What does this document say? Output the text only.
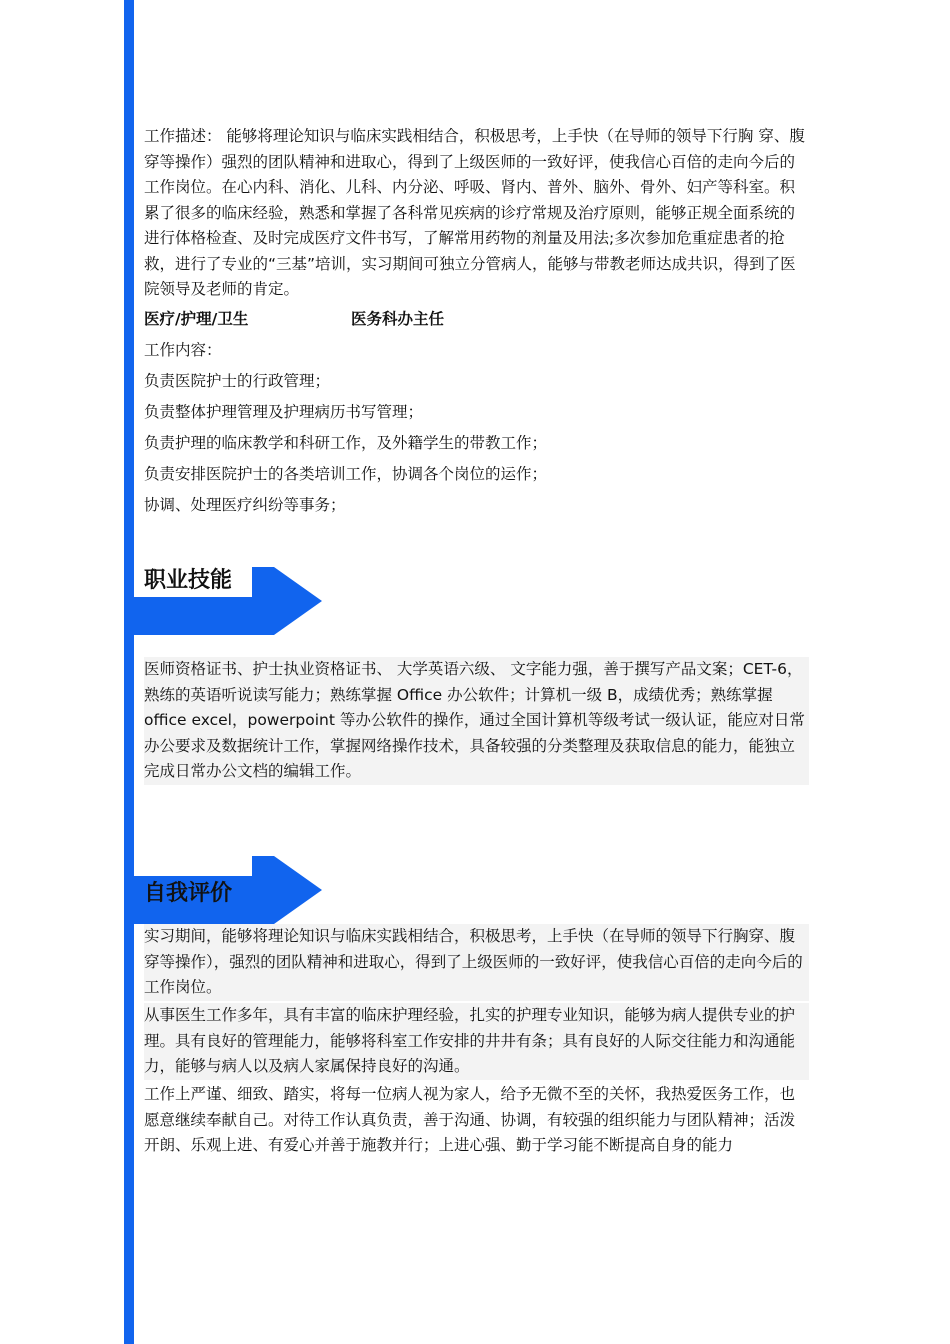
工作描述： 能够将理论知识与临床实践相结合，积极思考，上手快（在导师的领导下行胸 穿、腹穿等操作）强烈的团队精神和进取心，得到了上级医师的一致好评，使我信心百倍的走向今后的工作岗位。在心内科、消化、儿科、内分泌、呼吸、肾内、普外、脑外、骨外、妇产等科室。积累了很多的临床经验，熟悉和掌握了各科常见疾病的诊疗常规及治疗原则，能够正规全面系统的进行体格检查、及时完成医疗文件书写，了解常用药物的剂量及用法;多次参加危重症患者的抢救，进行了专业的“三基”培训，实习期间可独立分管病人，能够与带教老师达成共识，得到了医院领导及老师的肯定。

医疗/护理/卫生	医务科办主任
工作内容：
负责医院护士的行政管理；
负责整体护理管理及护理病历书写管理；
负责护理的临床教学和科研工作，及外籍学生的带教工作；
负责安排医院护士的各类培训工作，协调各个岗位的运作；
协调、处理医疗纠纷等事务；
职业技能

医师资格证书、护士执业资格证书、 大学英语六级、 文字能力强，善于撰写产品文案；CET-6，熟练的英语听说读写能力；熟练掌握 Office 办公软件；计算机一级 B，成绩优秀；熟练掌握 office excel，powerpoint 等办公软件的操作，通过全国计算机等级考试一级认证，能应对日常办公要求及数据统计工作，掌握网络操作技术，具备较强的分类整理及获取信息的能力，能独立完成日常办公文档的编辑工作。

自我评价

实习期间，能够将理论知识与临床实践相结合，积极思考，上手快（在导师的领导下行胸穿、腹穿等操作），强烈的团队精神和进取心，得到了上级医师的一致好评，使我信心百倍的走向今后的工作岗位。

从事医生工作多年，具有丰富的临床护理经验，扎实的护理专业知识，能够为病人提供专业的护理。具有良好的管理能力，能够将科室工作安排的井井有条；具有良好的人际交往能力和沟通能力，能够与病人以及病人家属保持良好的沟通。

工作上严谨、细致、踏实，将每一位病人视为家人，给予无微不至的关怀，我热爱医务工作，也愿意继续奉献自己。对待工作认真负责，善于沟通、协调，有较强的组织能力与团队精神；活泼开朗、乐观上进、有爱心并善于施教并行；上进心强、勤于学习能不断提高自身的能力
